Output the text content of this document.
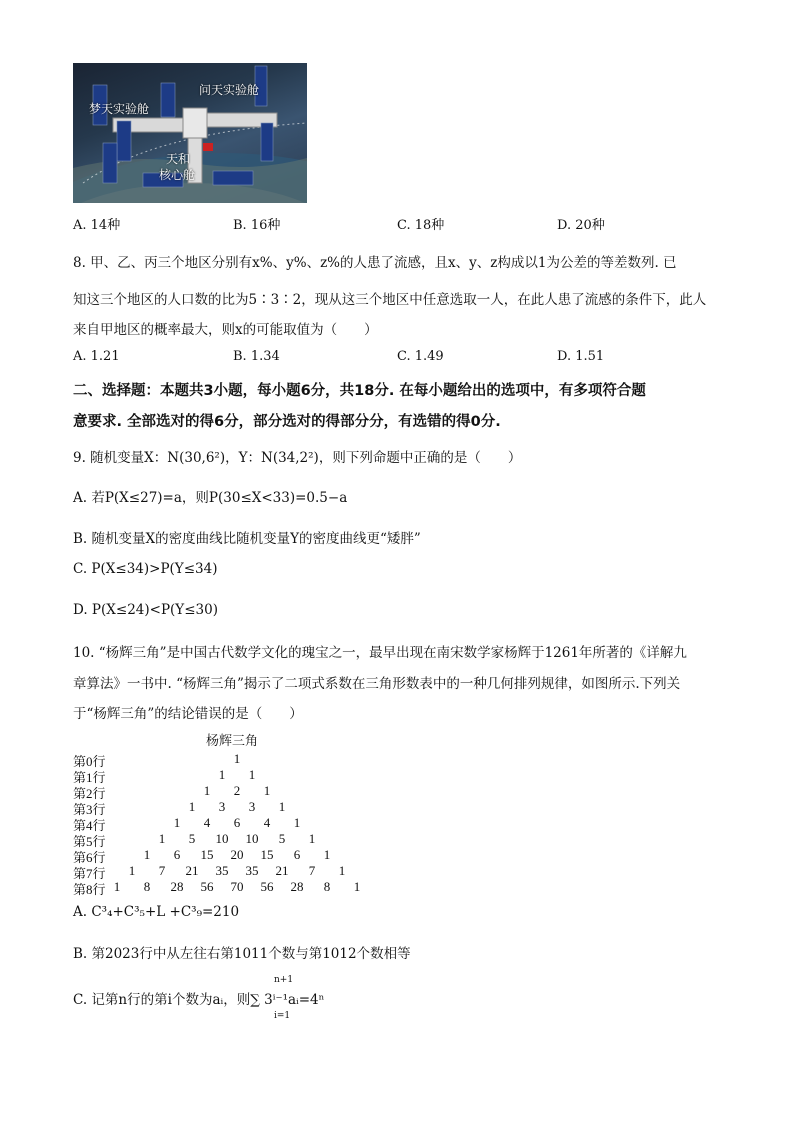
问天实验舱
梦天实验舱
天和
核心舱
A. 14种	B. 16种	C. 18种	D. 20种
8. 甲、乙、丙三个地区分别有x%、y%、z%的人患了流感，且x、y、z构成以1为公差的等差数列. 已
知这三个地区的人口数的比为5∶3∶2，现从这三个地区中任意选取一人，在此人患了流感的条件下，此人
来自甲地区的概率最大，则x的可能取值为（　　）
A. 1.21	B. 1.34	C. 1.49	D. 1.51
二、选择题：本题共3小题，每小题6分，共18分. 在每小题给出的选项中，有多项符合题
意要求. 全部选对的得6分，部分选对的得部分分，有选错的得0分.
9. 随机变量X：N(30,6²)，Y：N(34,2²)，则下列命题中正确的是（　　）
A. 若P(X≤27)=a，则P(30≤X<33)=0.5−a
B. 随机变量X的密度曲线比随机变量Y的密度曲线更“矮胖”
C. P(X≤34)>P(Y≤34)
D. P(X≤24)<P(Y≤30)
10. “杨辉三角”是中国古代数学文化的瑰宝之一，最早出现在南宋数学家杨辉于1261年所著的《详解九
章算法》一书中. “杨辉三角”揭示了二项式系数在三角形数表中的一种几何排列规律，如图所示.下列关
于“杨辉三角”的结论错误的是（　　）
杨辉三角
第0行	1
第1行	1	1
第2行	1	2	1
第3行	1	3	3	1
第4行	1	4	6	4	1
第5行	1	5	10 10	5	1
第6行	1	6	15 20 15	6	1
第7行	1	7	21 35 35 21	7	1
第8行 1	8	28 56 70 56 28	8	1
A. C³₄+C³₅+L +C³₉=210
B. 第2023行中从左往右第1011个数与第1012个数相等
C. 记第n行的第i个数为aᵢ，则∑ 3ⁱ⁻¹aᵢ=4ⁿ
n+1
i=1
